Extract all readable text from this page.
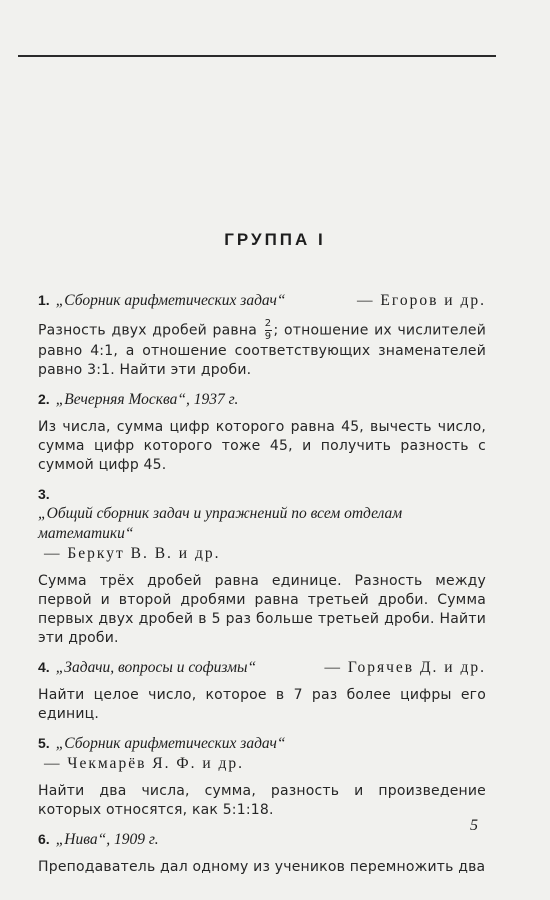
ГРУППА I
1. „Сборник арифметических задач“	— Егоров и др.
Разность двух дробей равна $\frac{2}{9}$ ; отношение их числителей равно 4:1, а отношение соответствующих знаменателей равно 3:1. Найти эти дроби.
2. „Вечерняя Москва“, 1937 г.
Из числа, сумма цифр которого равна 45, вычесть число, сумма цифр которого тоже 45, и получить разность с суммой цифр 45.
3.
„Общий сборник задач и упражнений по всем отделам математики“
— Беркут В. В. и др.
Сумма трёх дробей равна единице. Разность между первой и второй дробями равна третьей дроби. Сумма первых двух дробей в 5 раз больше третьей дроби. Найти эти дроби.
4. „Задачи, вопросы и софизмы“	— Горячев Д. и др.
Найти целое число, которое в 7 раз более цифры его единиц.
5. „Сборник арифметических задач“
— Чекмарёв Я. Ф. и др.
Найти два числа, сумма, разность и произведение которых относятся, как 5:1:18.
6. „Нива“, 1909 г.
Преподаватель дал одному из учеников перемножить два
5
